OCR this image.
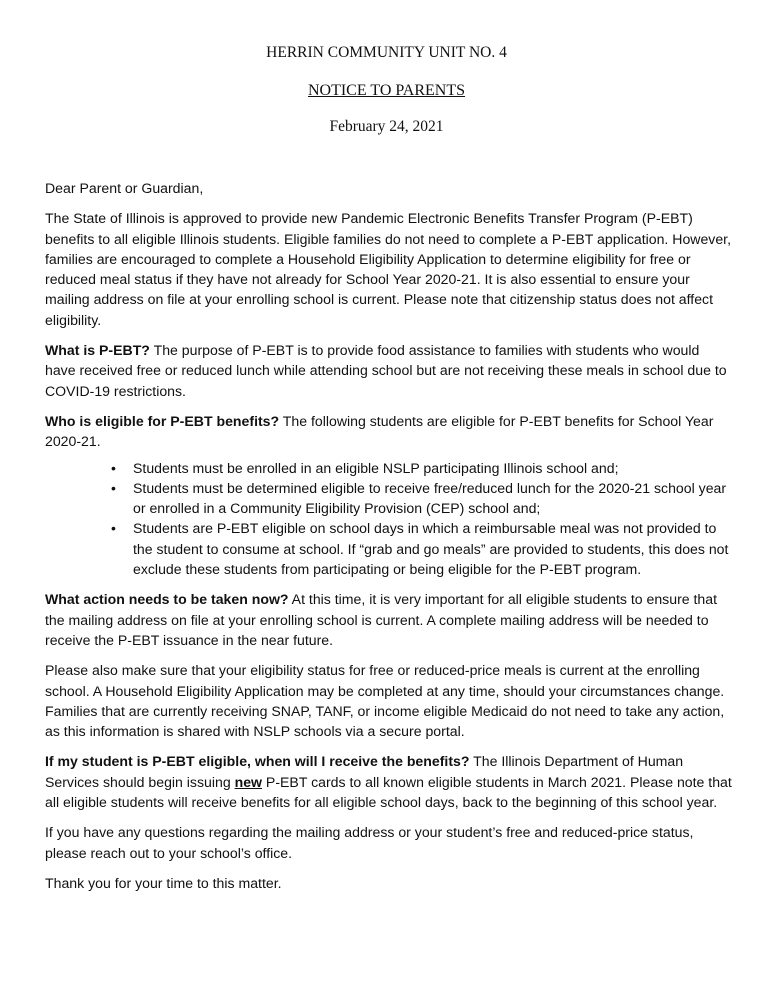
HERRIN COMMUNITY UNIT NO. 4
NOTICE TO PARENTS
February 24, 2021

Dear Parent or Guardian,

The State of Illinois is approved to provide new Pandemic Electronic Benefits Transfer Program (P-EBT) benefits to all eligible Illinois students. Eligible families do not need to complete a P-EBT application. However, families are encouraged to complete a Household Eligibility Application to determine eligibility for free or reduced meal status if they have not already for School Year 2020-21. It is also essential to ensure your mailing address on file at your enrolling school is current. Please note that citizenship status does not affect eligibility.

What is P-EBT? The purpose of P-EBT is to provide food assistance to families with students who would have received free or reduced lunch while attending school but are not receiving these meals in school due to COVID-19 restrictions.

Who is eligible for P-EBT benefits? The following students are eligible for P-EBT benefits for School Year 2020-21.

• Students must be enrolled in an eligible NSLP participating Illinois school and;
• Students must be determined eligible to receive free/reduced lunch for the 2020-21 school year or enrolled in a Community Eligibility Provision (CEP) school and;
• Students are P-EBT eligible on school days in which a reimbursable meal was not provided to the student to consume at school. If “grab and go meals” are provided to students, this does not exclude these students from participating or being eligible for the P-EBT program.

What action needs to be taken now? At this time, it is very important for all eligible students to ensure that the mailing address on file at your enrolling school is current. A complete mailing address will be needed to receive the P-EBT issuance in the near future.

Please also make sure that your eligibility status for free or reduced-price meals is current at the enrolling school. A Household Eligibility Application may be completed at any time, should your circumstances change. Families that are currently receiving SNAP, TANF, or income eligible Medicaid do not need to take any action, as this information is shared with NSLP schools via a secure portal.

If my student is P-EBT eligible, when will I receive the benefits? The Illinois Department of Human Services should begin issuing new P-EBT cards to all known eligible students in March 2021. Please note that all eligible students will receive benefits for all eligible school days, back to the beginning of this school year.

If you have any questions regarding the mailing address or your student’s free and reduced-price status, please reach out to your school’s office.

Thank you for your time to this matter.
